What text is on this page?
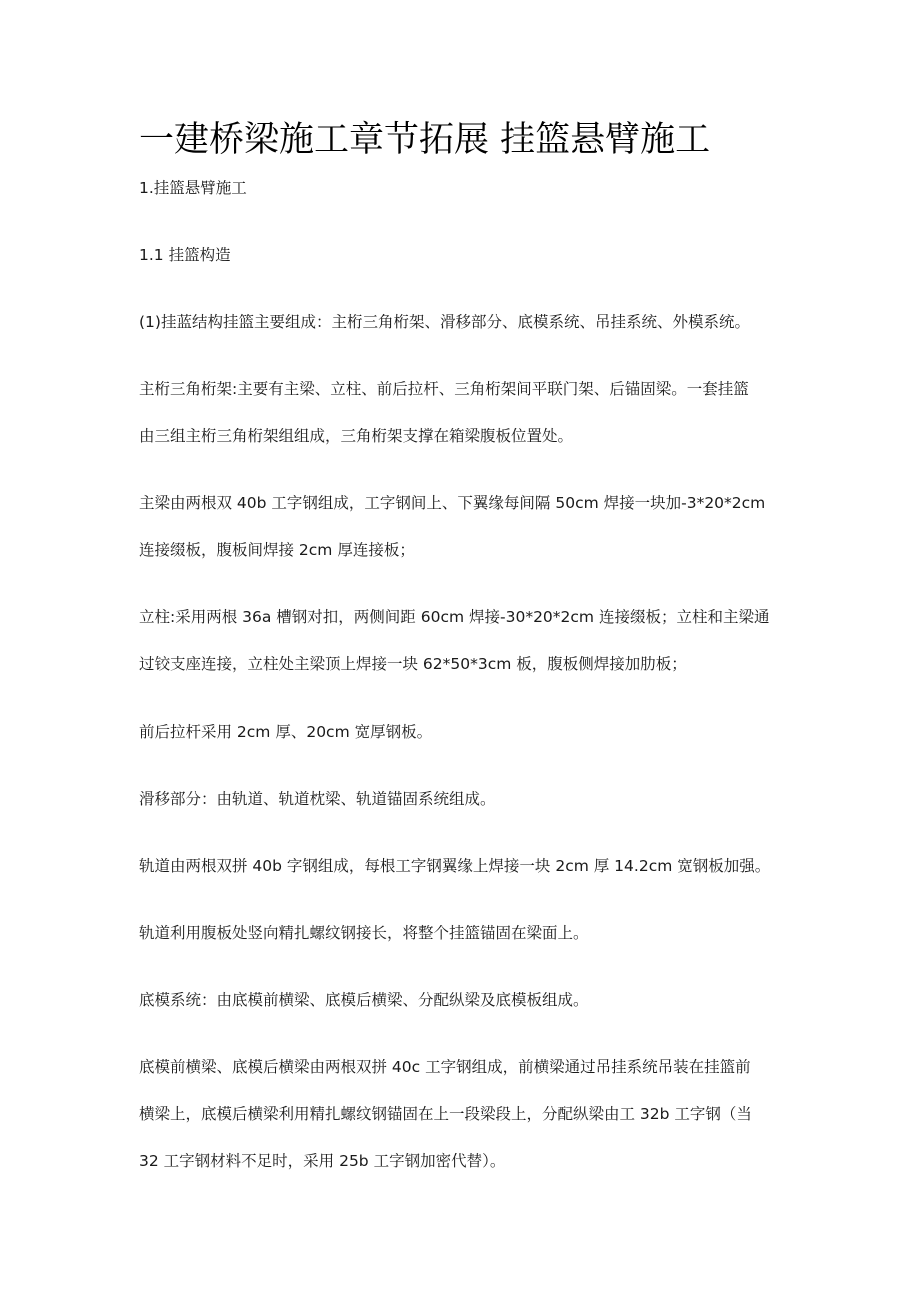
一建桥梁施工章节拓展 挂篮悬臂施工

1.挂篮悬臂施工

1.1 挂篮构造

(1)挂蓝结构挂篮主要组成：主桁三角桁架、滑移部分、底模系统、吊挂系统、外模系统。

主桁三角桁架:主要有主梁、立柱、前后拉杆、三角桁架间平联门架、后锚固梁。一套挂篮
由三组主桁三角桁架组组成，三角桁架支撑在箱梁腹板位置处。

主梁由两根双 40b 工字钢组成，工字钢间上、下翼缘每间隔 50cm 焊接一块加-3*20*2cm
连接缀板，腹板间焊接 2cm 厚连接板；

立柱:采用两根 36a 槽钢对扣，两侧间距 60cm 焊接-30*20*2cm 连接缀板；立柱和主梁通
过铰支座连接，立柱处主梁顶上焊接一块 62*50*3cm 板，腹板侧焊接加肋板；

前后拉杆采用 2cm 厚、20cm 宽厚钢板。

滑移部分：由轨道、轨道枕梁、轨道锚固系统组成。

轨道由两根双拼 40b 字钢组成，每根工字钢翼缘上焊接一块 2cm 厚 14.2cm 宽钢板加强。

轨道利用腹板处竖向精扎螺纹钢接长，将整个挂篮锚固在梁面上。

底模系统：由底模前横梁、底模后横梁、分配纵梁及底模板组成。

底模前横梁、底模后横梁由两根双拼 40c 工字钢组成，前横梁通过吊挂系统吊装在挂篮前
横梁上，底模后横梁利用精扎螺纹钢锚固在上一段梁段上，分配纵梁由工 32b 工字钢（当
32 工字钢材料不足时，采用 25b 工字钢加密代替）。
